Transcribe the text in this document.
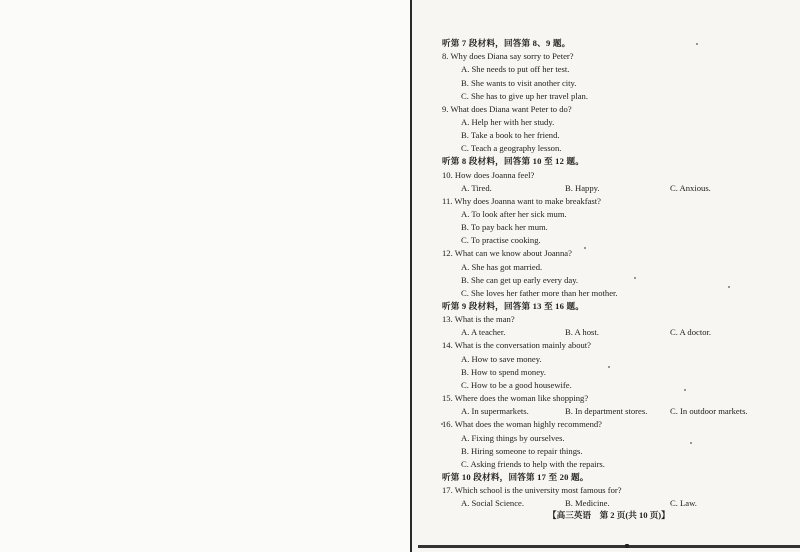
听第 7 段材料，回答第 8、9 题。
8. Why does Diana say sorry to Peter?
A. She needs to put off her test.
B. She wants to visit another city.
C. She has to give up her travel plan.
9. What does Diana want Peter to do?
A. Help her with her study.
B. Take a book to her friend.
C. Teach a geography lesson.
听第 8 段材料，回答第 10 至 12 题。
10. How does Joanna feel?
A. Tired.	B. Happy.	C. Anxious.
11. Why does Joanna want to make breakfast?
A. To look after her sick mum.
B. To pay back her mum.
C. To practise cooking.
12. What can we know about Joanna?
A. She has got married.
B. She can get up early every day.
C. She loves her father more than her mother.
听第 9 段材料，回答第 13 至 16 题。
13. What is the man?
A. A teacher.	B. A host.	C. A doctor.
14. What is the conversation mainly about?
A. How to save money.
B. How to spend money.
C. How to be a good housewife.
15. Where does the woman like shopping?
A. In supermarkets.	B. In department stores.	C. In outdoor markets.
16. What does the woman highly recommend?
A. Fixing things by ourselves.
B. Hiring someone to repair things.
C. Asking friends to help with the repairs.
听第 10 段材料，回答第 17 至 20 题。
17. Which school is the university most famous for?
A. Social Science.	B. Medicine.	C. Law.
【高三英语　第 2 页(共 10 页)】
